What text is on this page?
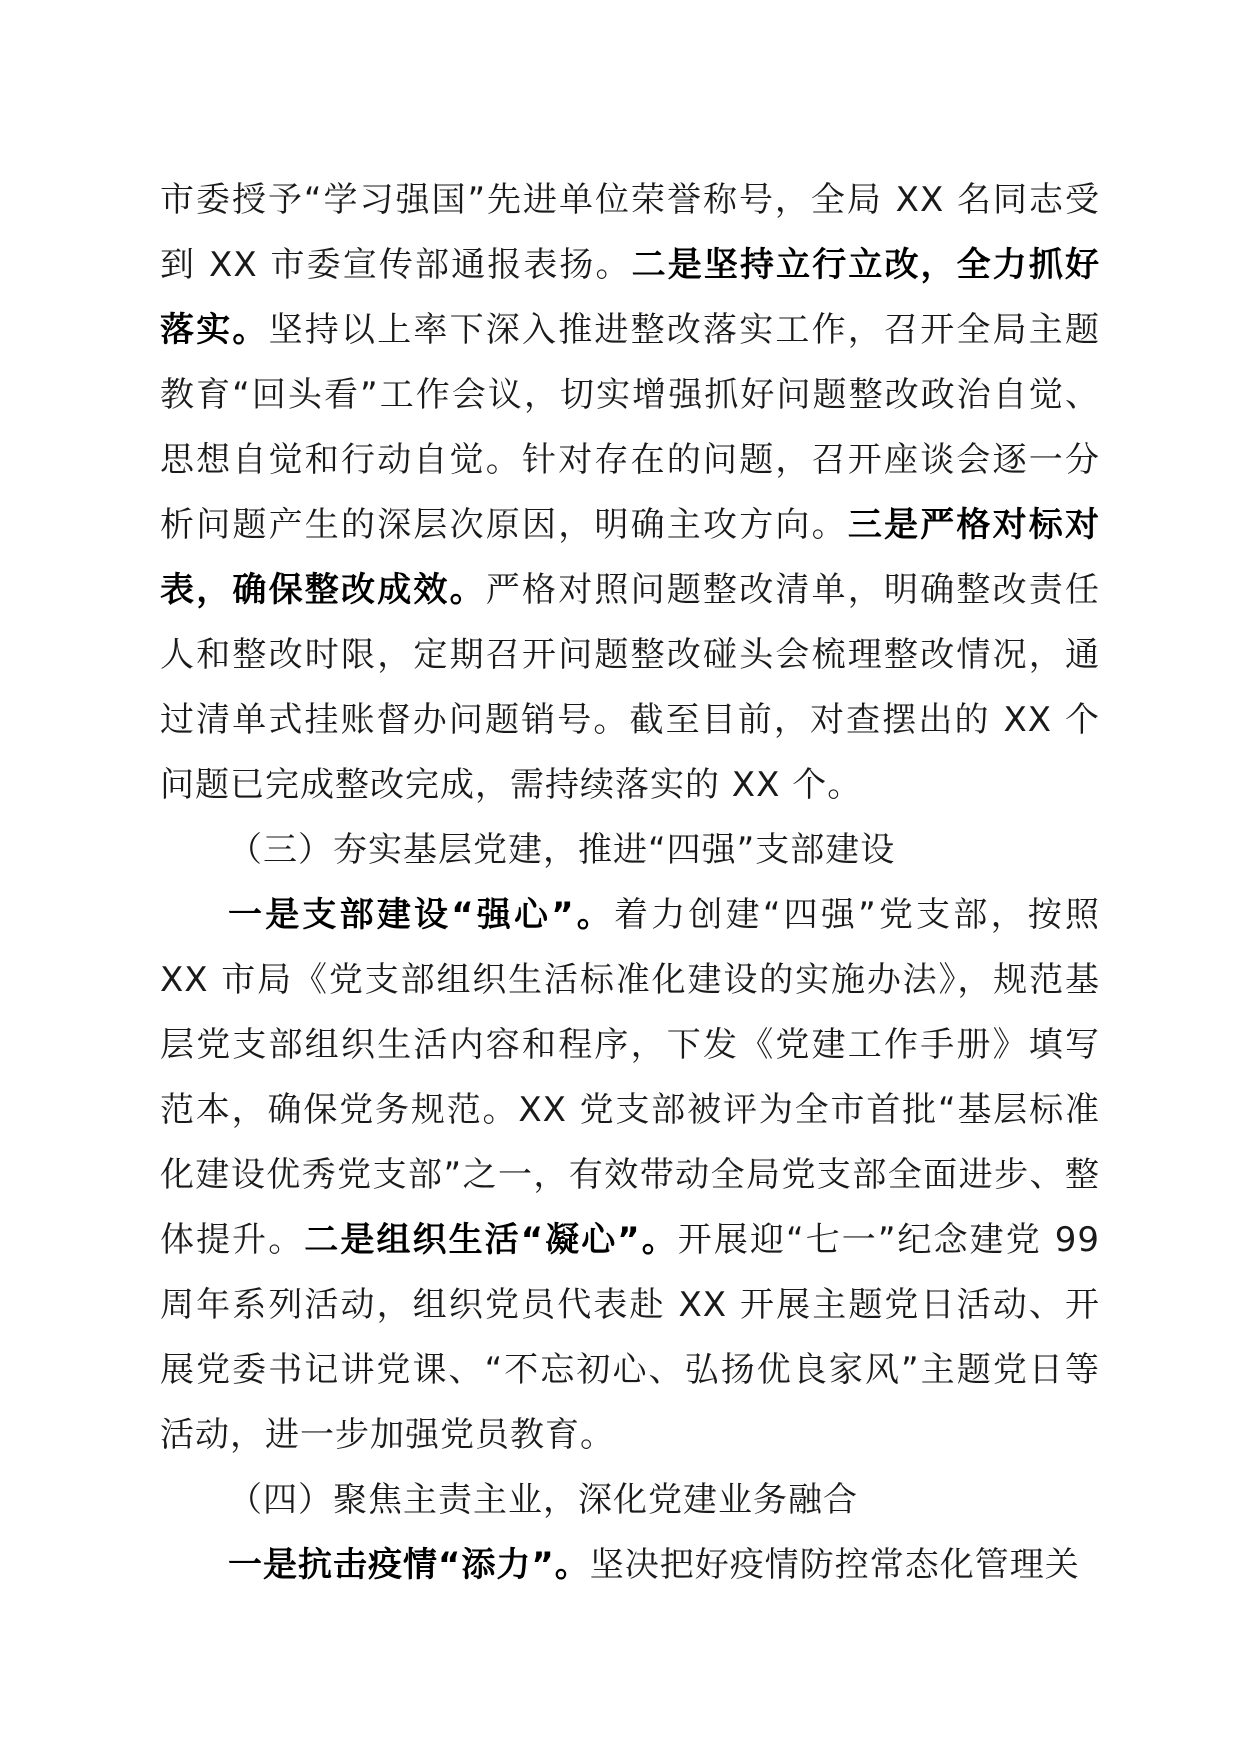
市委授予“学习强国”先进单位荣誉称号，全局 XX 名同志受到 XX 市委宣传部通报表扬。二是坚持立行立改，全力抓好落实。坚持以上率下深入推进整改落实工作，召开全局主题教育“回头看”工作会议，切实增强抓好问题整改政治自觉、思想自觉和行动自觉。针对存在的问题，召开座谈会逐一分析问题产生的深层次原因，明确主攻方向。三是严格对标对表，确保整改成效。严格对照问题整改清单，明确整改责任人和整改时限，定期召开问题整改碰头会梳理整改情况，通过清单式挂账督办问题销号。截至目前，对查摆出的 XX 个问题已完成整改完成，需持续落实的 XX 个。

（三）夯实基层党建，推进“四强”支部建设

一是支部建设“强心”。着力创建“四强”党支部，按照 XX 市局《党支部组织生活标准化建设的实施办法》，规范基层党支部组织生活内容和程序，下发《党建工作手册》填写范本，确保党务规范。XX 党支部被评为全市首批“基层标准化建设优秀党支部”之一，有效带动全局党支部全面进步、整体提升。二是组织生活“凝心”。开展迎“七一”纪念建党 99 周年系列活动，组织党员代表赴 XX 开展主题党日活动、开展党委书记讲党课、“不忘初心、弘扬优良家风”主题党日等活动，进一步加强党员教育。

（四）聚焦主责主业，深化党建业务融合

一是抗击疫情“添力”。坚决把好疫情防控常态化管理关
